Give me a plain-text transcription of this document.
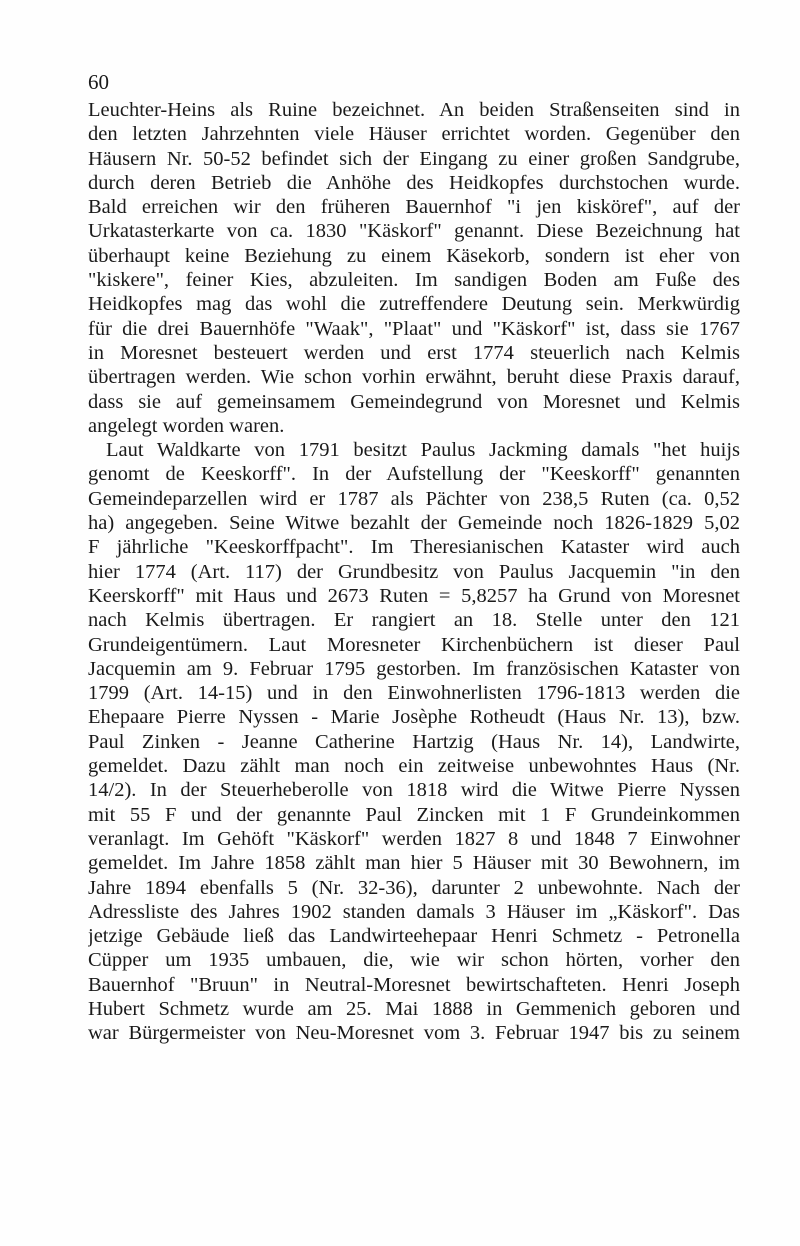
60
Leuchter-Heins als Ruine bezeichnet. An beiden Straßenseiten sind in
den letzten Jahrzehnten viele Häuser errichtet worden. Gegenüber den
Häusern Nr. 50-52 befindet sich der Eingang zu einer großen Sandgrube,
durch deren Betrieb die Anhöhe des Heidkopfes durchstochen wurde.
Bald erreichen wir den früheren Bauernhof "i jen kisköref", auf der
Urkatasterkarte von ca. 1830 "Käskorf" genannt. Diese Bezeichnung hat
überhaupt keine Beziehung zu einem Käsekorb, sondern ist eher von
"kiskere", feiner Kies, abzuleiten. Im sandigen Boden am Fuße des
Heidkopfes mag das wohl die zutreffendere Deutung sein. Merkwürdig
für die drei Bauernhöfe "Waak", "Plaat" und "Käskorf" ist, dass sie 1767
in Moresnet besteuert werden und erst 1774 steuerlich nach Kelmis
übertragen werden. Wie schon vorhin erwähnt, beruht diese Praxis darauf,
dass sie auf gemeinsamem Gemeindegrund von Moresnet und Kelmis
angelegt worden waren.
Laut Waldkarte von 1791 besitzt Paulus Jackming damals "het huijs
genomt de Keeskorff". In der Aufstellung der "Keeskorff" genannten
Gemeindeparzellen wird er 1787 als Pächter von 238,5 Ruten (ca. 0,52
ha) angegeben. Seine Witwe bezahlt der Gemeinde noch 1826-1829 5,02
F jährliche "Keeskorffpacht". Im Theresianischen Kataster wird auch
hier 1774 (Art. 117) der Grundbesitz von Paulus Jacquemin "in den
Keerskorff" mit Haus und 2673 Ruten = 5,8257 ha Grund von Moresnet
nach Kelmis übertragen. Er rangiert an 18. Stelle unter den 121
Grundeigentümern. Laut Moresneter Kirchenbüchern ist dieser Paul
Jacquemin am 9. Februar 1795 gestorben. Im französischen Kataster von
1799 (Art. 14-15) und in den Einwohnerlisten 1796-1813 werden die
Ehepaare Pierre Nyssen - Marie Josèphe Rotheudt (Haus Nr. 13), bzw.
Paul Zinken - Jeanne Catherine Hartzig (Haus Nr. 14), Landwirte,
gemeldet. Dazu zählt man noch ein zeitweise unbewohntes Haus (Nr.
14/2). In der Steuerheberolle von 1818 wird die Witwe Pierre Nyssen
mit 55 F und der genannte Paul Zincken mit 1 F Grundeinkommen
veranlagt. Im Gehöft "Käskorf" werden 1827 8 und 1848 7 Einwohner
gemeldet. Im Jahre 1858 zählt man hier 5 Häuser mit 30 Bewohnern, im
Jahre 1894 ebenfalls 5 (Nr. 32-36), darunter 2 unbewohnte. Nach der
Adressliste des Jahres 1902 standen damals 3 Häuser im „Käskorf". Das
jetzige Gebäude ließ das Landwirteehepaar Henri Schmetz - Petronella
Cüpper um 1935 umbauen, die, wie wir schon hörten, vorher den
Bauernhof "Bruun" in Neutral-Moresnet bewirtschafteten. Henri Joseph
Hubert Schmetz wurde am 25. Mai 1888 in Gemmenich geboren und
war Bürgermeister von Neu-Moresnet vom 3. Februar 1947 bis zu seinem
